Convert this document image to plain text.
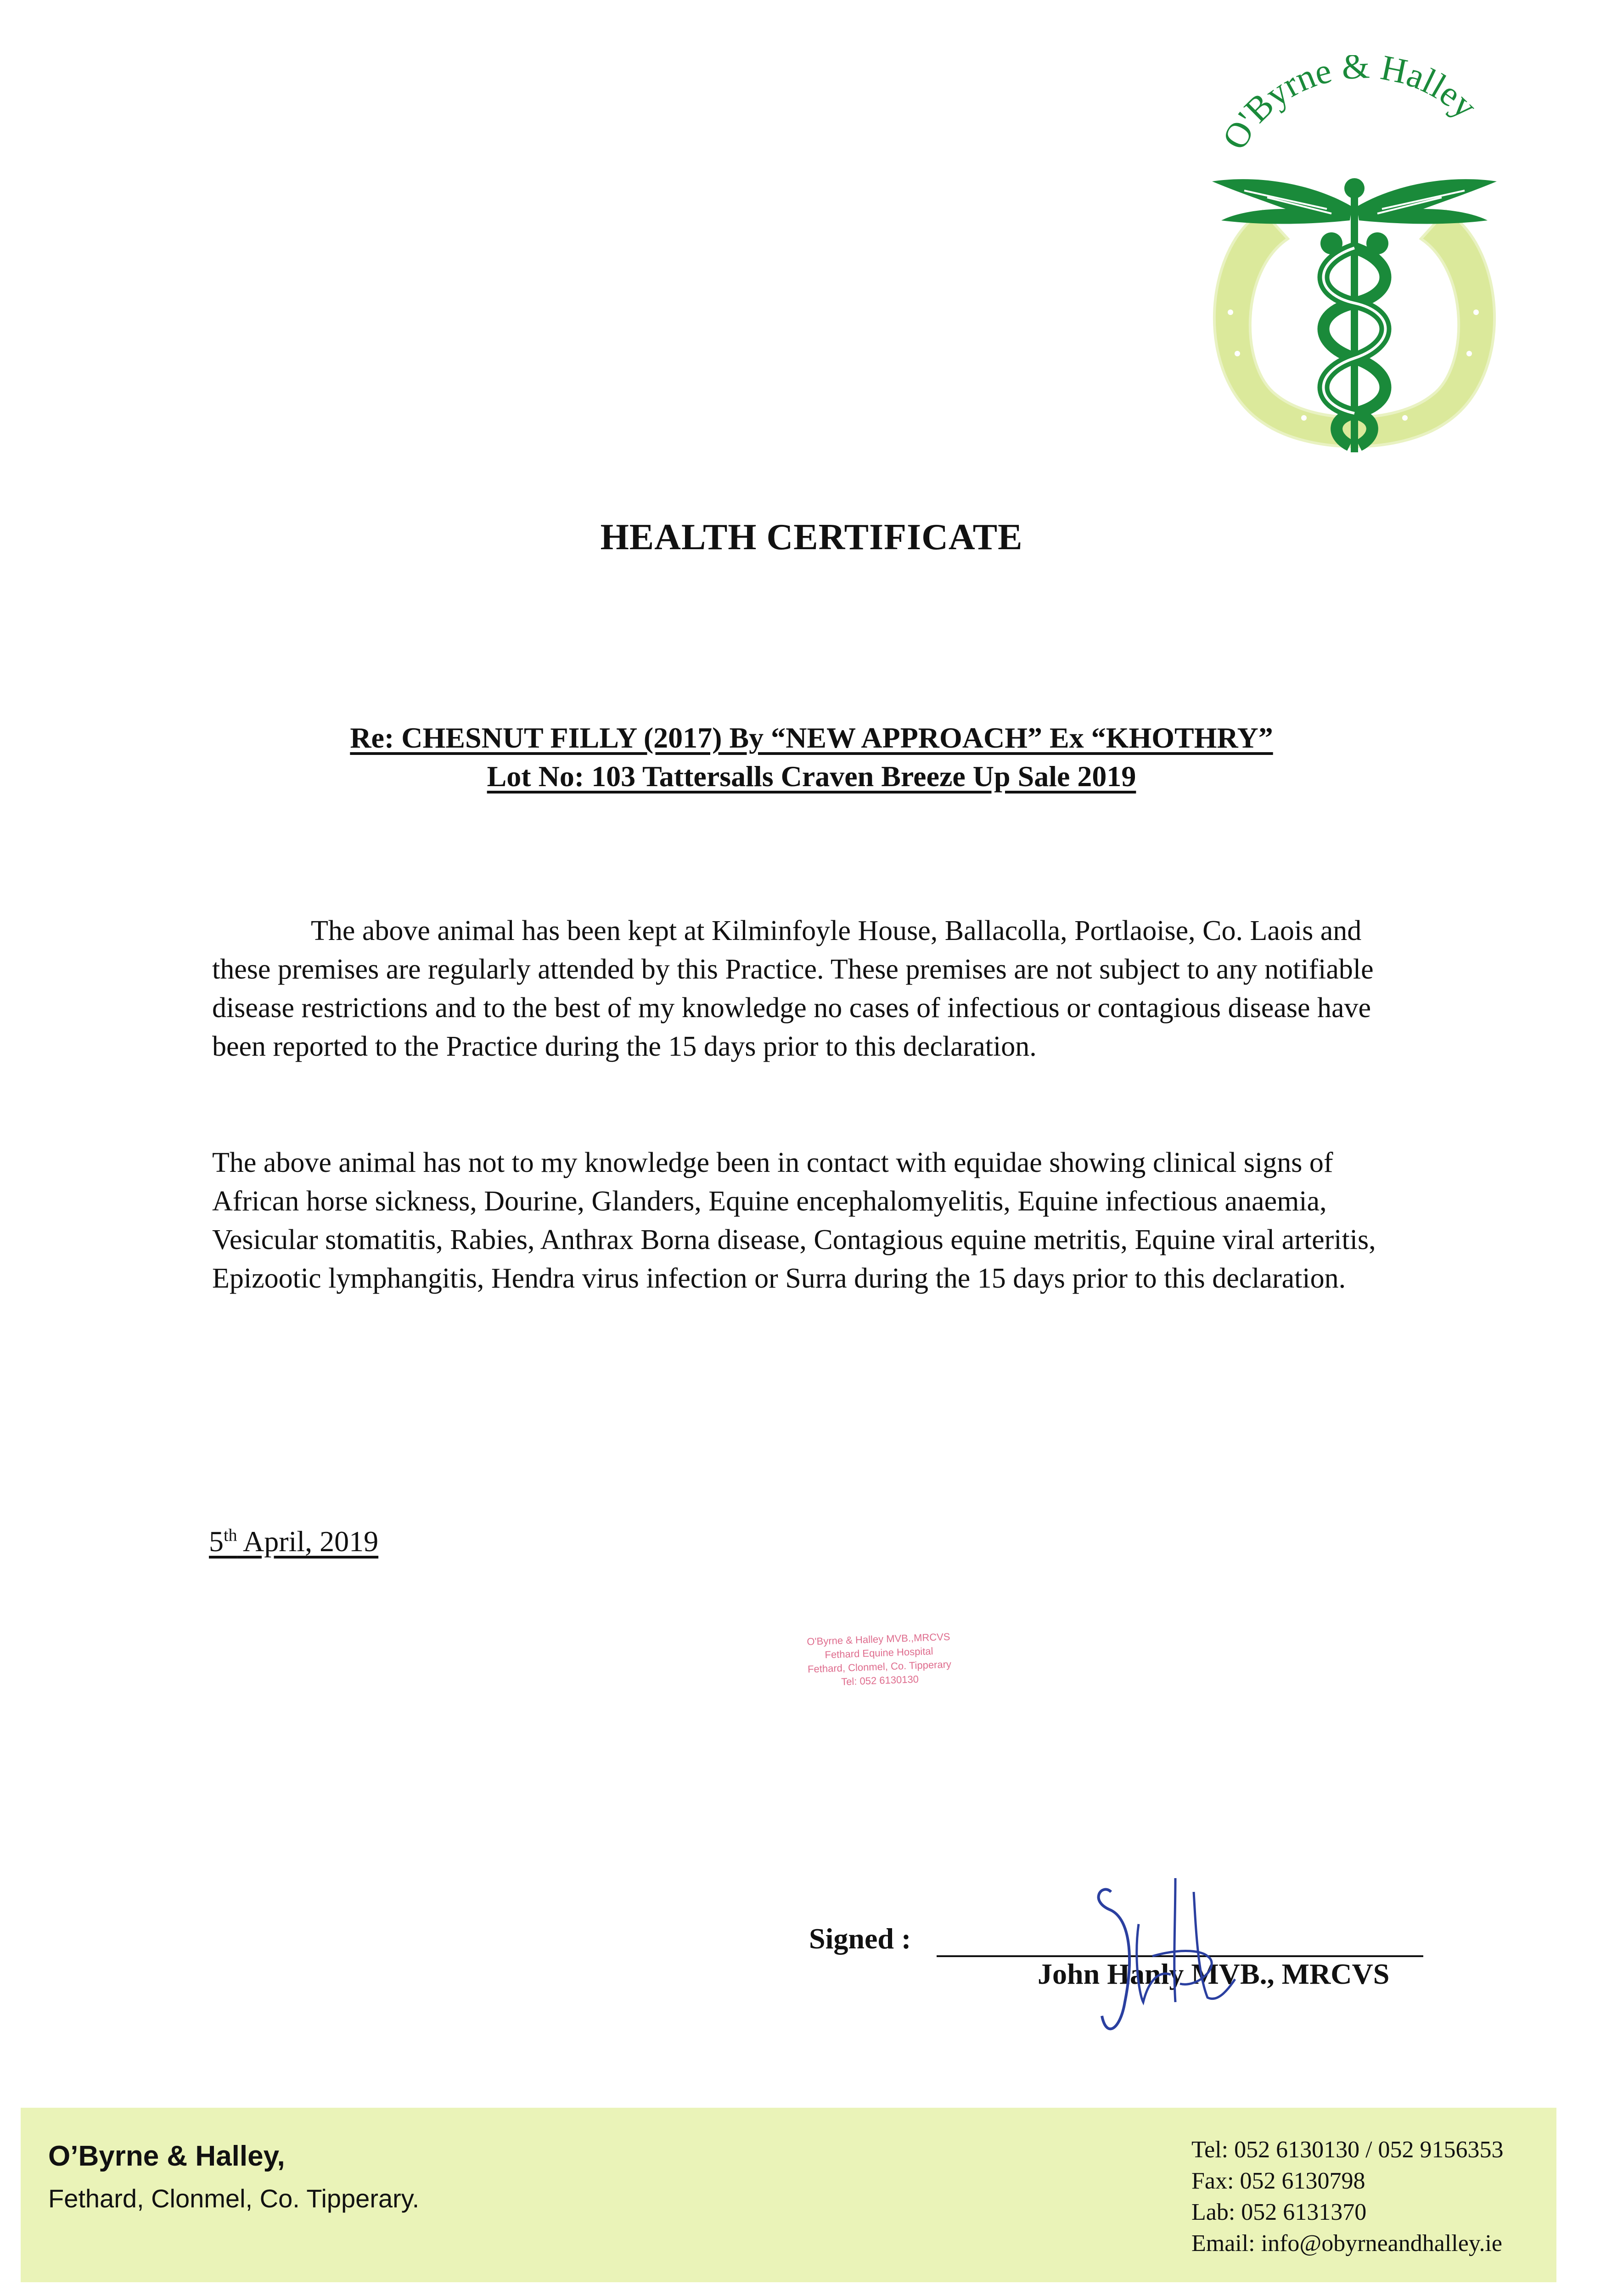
O'Byrne & Halley
HEALTH CERTIFICATE
Re: CHESNUT FILLY (2017) By “NEW APPROACH” Ex “KHOTHRY”
Lot No: 103 Tattersalls Craven Breeze Up Sale 2019
The above animal has been kept at Kilminfoyle House, Ballacolla, Portlaoise, Co. Laois and these premises are regularly attended by this Practice. These premises are not subject to any notifiable disease restrictions and to the best of my knowledge no cases of infectious or contagious disease have been reported to the Practice during the 15 days prior to this declaration.
The above animal has not to my knowledge been in contact with equidae showing clinical signs of African horse sickness, Dourine, Glanders, Equine encephalomyelitis, Equine infectious anaemia, Vesicular stomatitis, Rabies, Anthrax Borna disease, Contagious equine metritis, Equine viral arteritis, Epizootic lymphangitis, Hendra virus infection or Surra during the 15 days prior to this declaration.
5th April, 2019
O'Byrne & Halley MVB.,MRCVS
Fethard Equine Hospital
Fethard, Clonmel, Co. Tipperary
Tel: 052 6130130
Signed :
John Hanly MVB., MRCVS
O’Byrne & Halley,
Fethard, Clonmel, Co. Tipperary.
Tel: 052 6130130 / 052 9156353
Fax: 052 6130798
Lab: 052 6131370
Email: info@obyrneandhalley.ie
